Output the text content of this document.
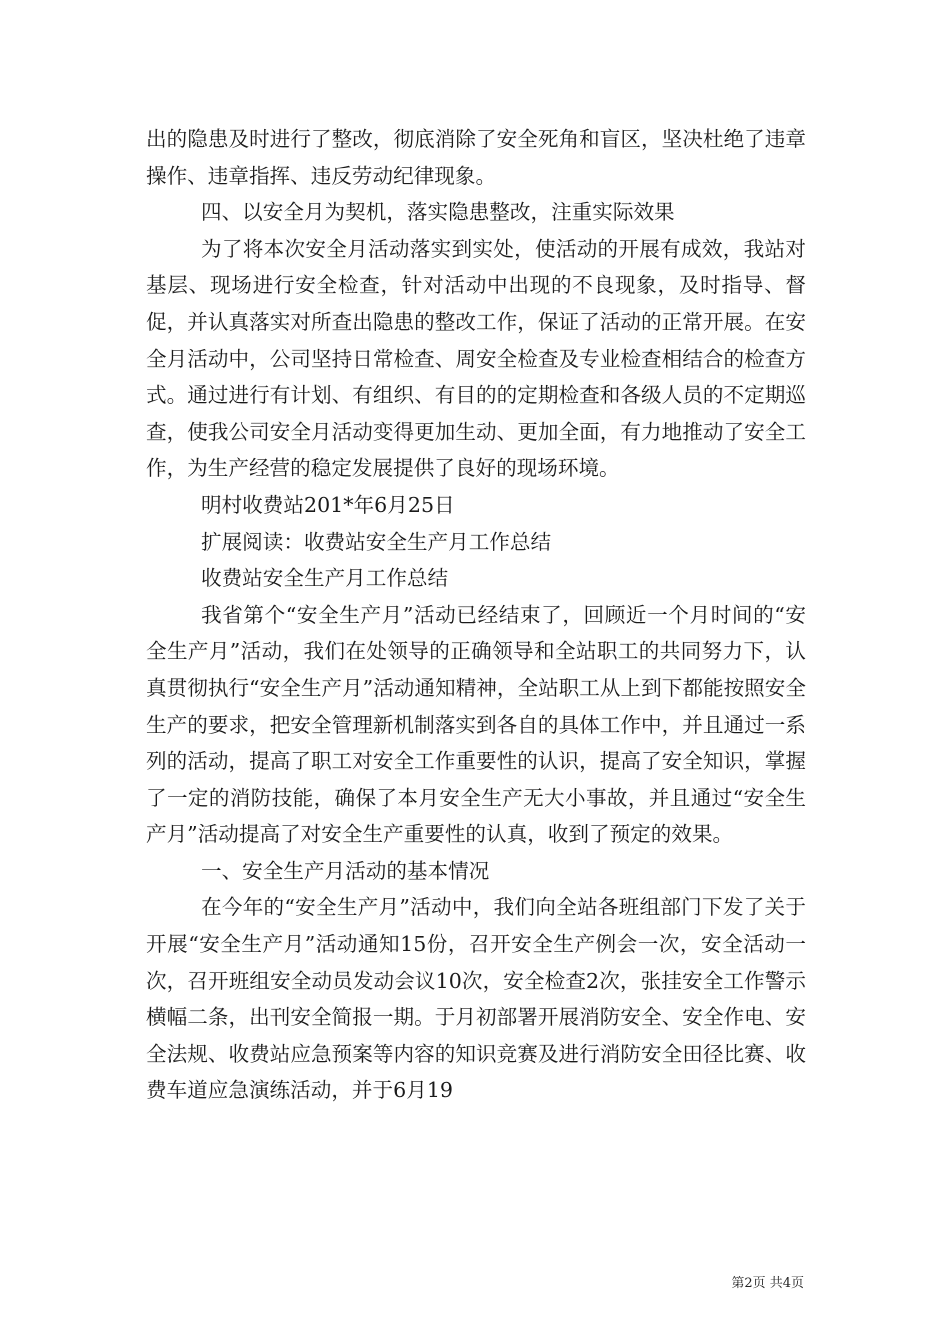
出的隐患及时进行了整改，彻底消除了安全死角和盲区，坚决杜绝了违章操作、违章指挥、违反劳动纪律现象。

四、以安全月为契机，落实隐患整改，注重实际效果

为了将本次安全月活动落实到实处，使活动的开展有成效，我站对基层、现场进行安全检查，针对活动中出现的不良现象，及时指导、督促，并认真落实对所查出隐患的整改工作，保证了活动的正常开展。在安全月活动中，公司坚持日常检查、周安全检查及专业检查相结合的检查方式。通过进行有计划、有组织、有目的的定期检查和各级人员的不定期巡查，使我公司安全月活动变得更加生动、更加全面，有力地推动了安全工作，为生产经营的稳定发展提供了良好的现场环境。

明村收费站201*年6月25日

扩展阅读：收费站安全生产月工作总结

收费站安全生产月工作总结

我省第个“安全生产月”活动已经结束了，回顾近一个月时间的“安全生产月”活动，我们在处领导的正确领导和全站职工的共同努力下，认真贯彻执行“安全生产月”活动通知精神，全站职工从上到下都能按照安全生产的要求，把安全管理新机制落实到各自的具体工作中，并且通过一系列的活动，提高了职工对安全工作重要性的认识，提高了安全知识，掌握了一定的消防技能，确保了本月安全生产无大小事故，并且通过“安全生产月”活动提高了对安全生产重要性的认真，收到了预定的效果。

一、安全生产月活动的基本情况

在今年的“安全生产月”活动中，我们向全站各班组部门下发了关于开展“安全生产月”活动通知15份，召开安全生产例会一次，安全活动一次，召开班组安全动员发动会议10次，安全检查2次，张挂安全工作警示横幅二条，出刊安全简报一期。于月初部署开展消防安全、安全作电、安全法规、收费站应急预案等内容的知识竞赛及进行消防安全田径比赛、收费车道应急演练活动，并于6月19

第2页 共4页
